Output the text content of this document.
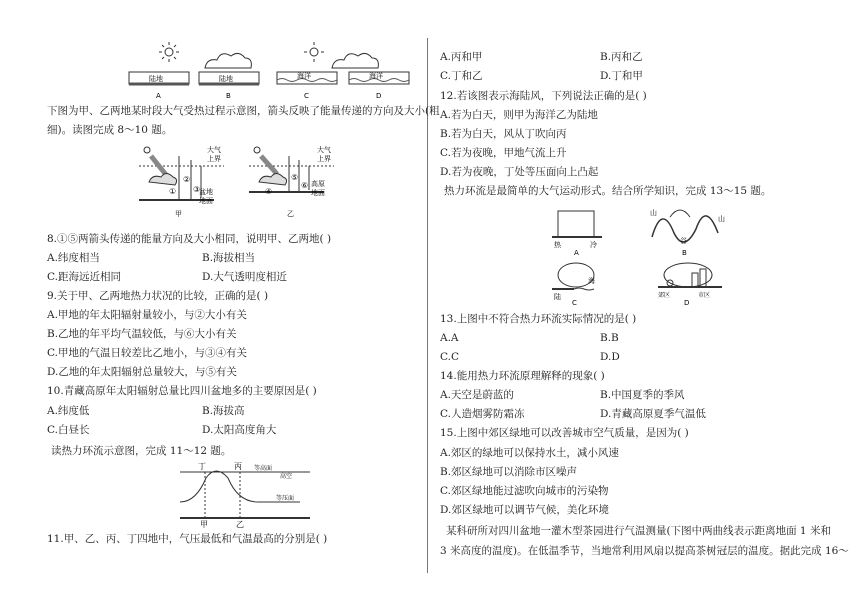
陆地	陆地	海洋	海洋
A	B	C	D
下图为甲、乙两地某时段大气受热过程示意图，箭头反映了能量传递的方向及大小(粗
细)。读图完成 8～10 题。
①
②
③
大气
上界
盆地
地面
甲
④
⑤
⑥
大气
上界
高原
地面
乙
8.①⑤两箭头传递的能量方向及大小相同，说明甲、乙两地( )
A.纬度相当	B.海拔相当
C.距海远近相同	D.大气透明度相近
9.关于甲、乙两地热力状况的比较，正确的是( )
A.甲地的年太阳辐射量较小，与②大小有关
B.乙地的年平均气温较低，与⑥大小有关
C.甲地的气温日较差比乙地小，与③④有关
D.乙地的年太阳辐射总量较大，与⑤有关
10.青藏高原年太阳辐射总量比四川盆地多的主要原因是( )
A.纬度低	B.海拔高
C.白昼长	D.太阳高度角大
读热力环流示意图，完成 11～12 题。
丁	丙 等高面
高空
等压面
甲	乙
11.甲、乙、丙、丁四地中，气压最低和气温最高的分别是( )
A.丙和甲	B.丙和乙
C.丁和乙	D.丁和甲
12.若该图表示海陆风，下列说法正确的是( )
A.若为白天，则甲为海洋乙为陆地
B.若为白天，风从丁吹向丙
C.若为夜晚，甲地气流上升
D.若为夜晚，丁处等压面向上凸起
热力环流是最简单的大气运动形式。结合所学知识，完成 13～15 题。
热	冷
A
山
谷
山
B
陆
海
C
郊区	市区
D
13.上图中不符合热力环流实际情况的是( )
A.A	B.B
C.C	D.D
14.能用热力环流原理解释的现象( )
A.天空是蔚蓝的	B.中国夏季的季风
C.人造烟雾防霜冻	D.青藏高原夏季气温低
15.上图中郊区绿地可以改善城市空气质量，是因为( )
A.郊区的绿地可以保持水土，减小风速
B.郊区绿地可以消除市区噪声
C.郊区绿地能过滤吹向城市的污染物
D.郊区绿地可以调节气候，美化环境
某科研所对四川盆地一灌木型茶园进行气温测量(下图中两曲线表示距离地面 1 米和
3 米高度的温度)。在低温季节，当地常利用风扇以提高茶树冠层的温度。据此完成 16～
